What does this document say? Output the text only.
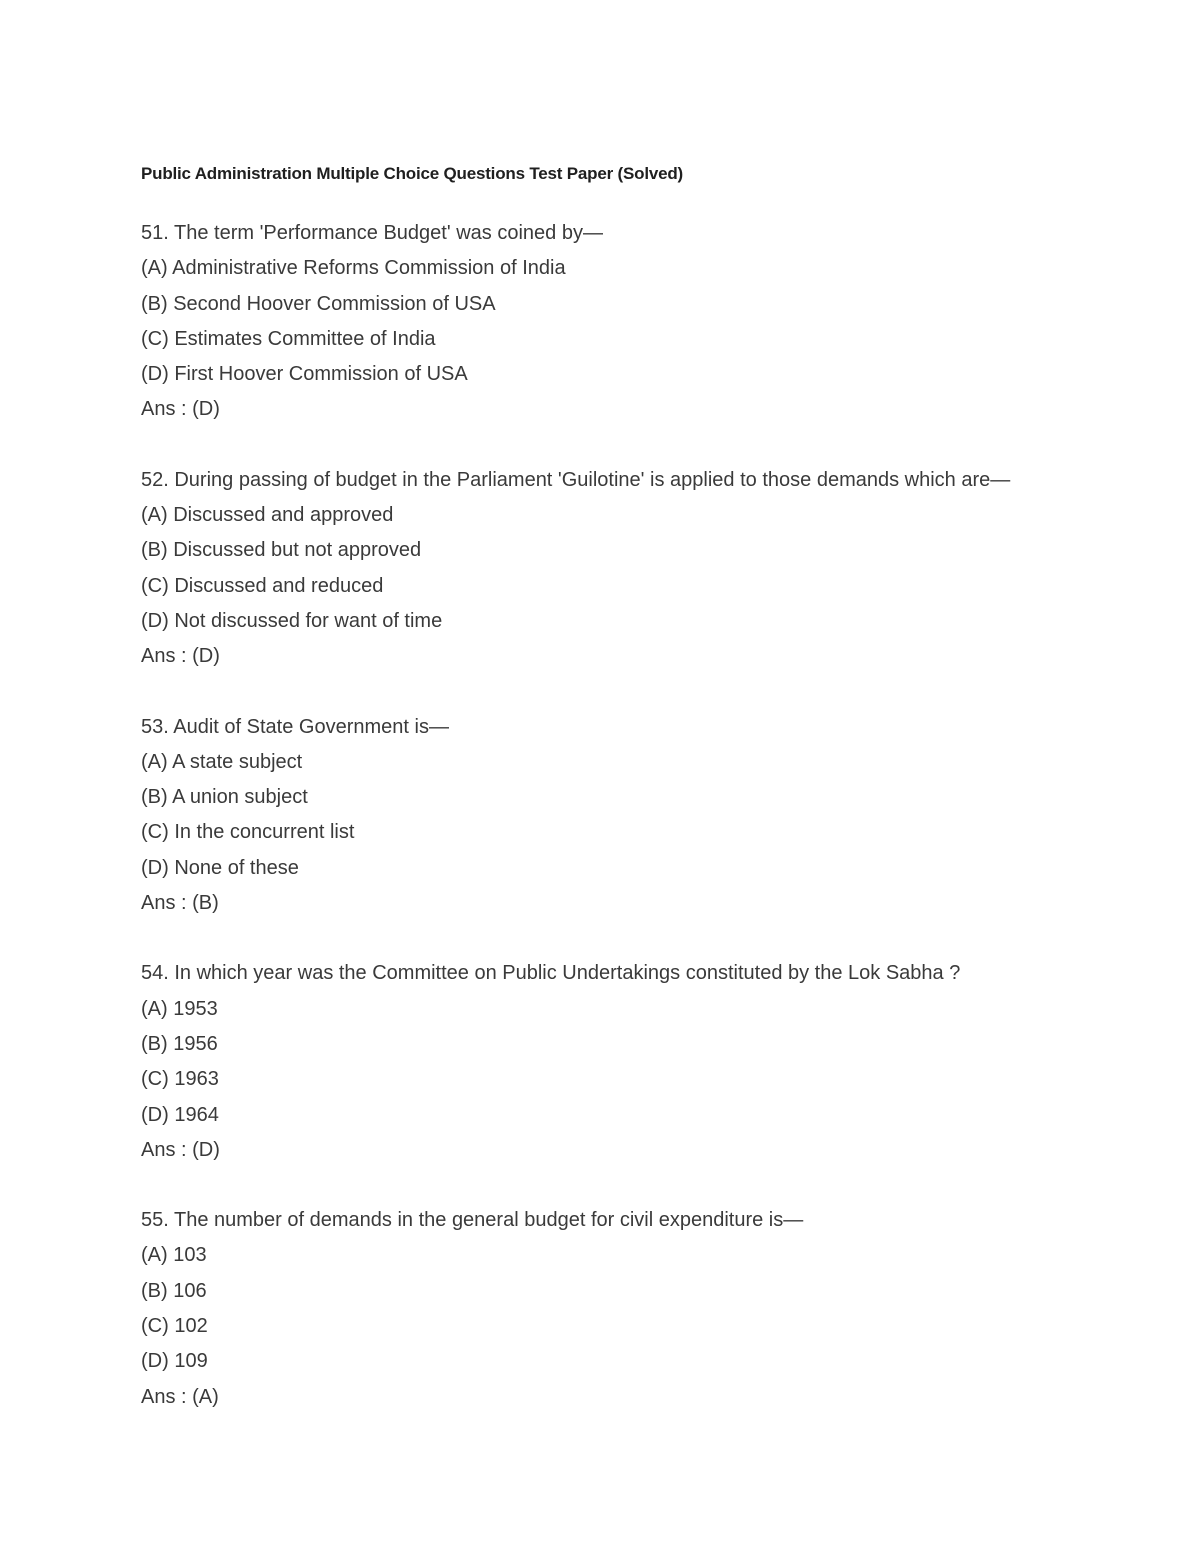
Public Administration Multiple Choice Questions Test Paper (Solved)
51. The term 'Performance Budget' was coined by—
(A) Administrative Reforms Commission of India
(B) Second Hoover Commission of USA
(C) Estimates Committee of India
(D) First Hoover Commission of USA
Ans : (D)
52. During passing of budget in the Parliament 'Guilotine' is applied to those demands which are—
(A) Discussed and approved
(B) Discussed but not approved
(C) Discussed and reduced
(D) Not discussed for want of time
Ans : (D)
53. Audit of State Government is—
(A) A state subject
(B) A union subject
(C) In the concurrent list
(D) None of these
Ans : (B)
54. In which year was the Committee on Public Undertakings constituted by the Lok Sabha ?
(A) 1953
(B) 1956
(C) 1963
(D) 1964
Ans : (D)
55. The number of demands in the general budget for civil expenditure is—
(A) 103
(B) 106
(C) 102
(D) 109
Ans : (A)
